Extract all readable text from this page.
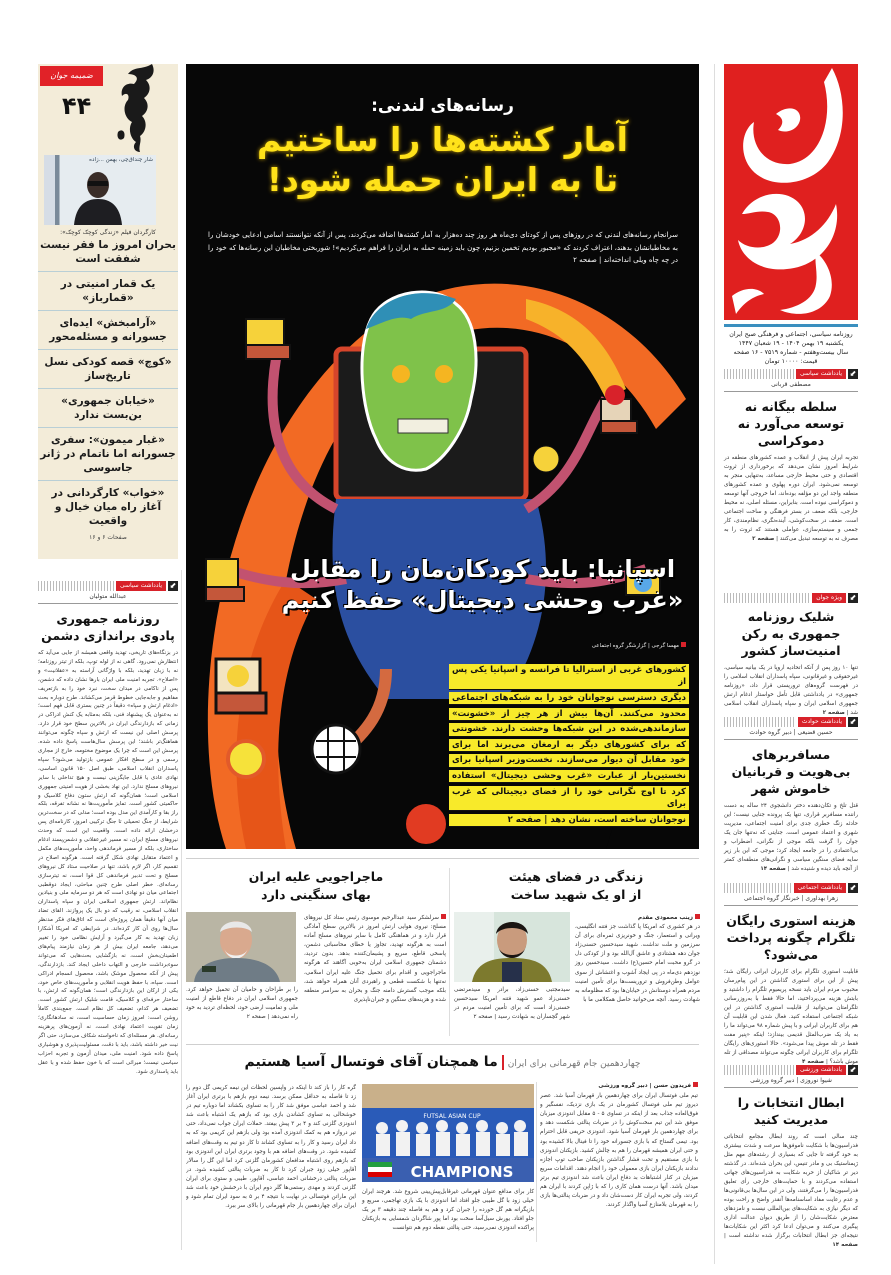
روزنامه سیاسی، اجتماعی و فرهنگی صبح ایران
یکشنبه ۱۹ بهمن ۱۴۰۴ - ۱۹ شعبان ۱۴۴۷
سال بیست‌وهفتم - شماره ۷۵۱۹ - ۱۶ صفحه
قیمت: ۱۰۰۰۰ تومان
⬋
یادداشت سیاسی
مصطفی قربانی
سلطه بیگانه نه توسعه می‌آورد نه دموکراسی
تجربه ایران پیش از انقلاب و عمده کشورهای منطقه در شرایط امروز نشان می‌دهد که برخورداری از ثروت اقتصادی و حتی محیط خارجی مساعد، به‌تنهایی منجر به توسعه نمی‌شود. ایران دوره پهلوی و عمده کشورهای منطقه واجد این دو مؤلفه بوده‌اند، اما خروجی آنها توسعه و دموکراسی نبوده است. بنابراین، مسئله اصلی، نه محیط خارجی، بلکه ضعف در بستر فرهنگی و ساخت اجتماعی است. ضعف در سخت‌کوشی، آینده‌نگری، نظام‌مندی، کار جمعی و سیستم‌سازی، عواملی هستند که ثروت را به مصرف نه به توسعه تبدیل می‌کنند | صفحه ۲
⬋
ویژه جوان
شلیک روزنامه جمهوری به رکن امنیت‌ساز کشور
تنها ۱۰ روز پس از آنکه اتحادیه اروپا در یک بیانیه سیاسی، غیرحقوقی و غیرقانونی، سپاه پاسداران انقلاب اسلامی را در فهرست گروه‌های تروریستی قرار داد، «روزنامه جمهوری» در یادداشتی قابل تأمل خواستار ادغام ارتش جمهوری اسلامی ایران و سپاه پاسداران انقلاب اسلامی شد | صفحه ۲
⬋
یادداشت حوادث
حسین قضیعی | دبیر گروه حوادث
مسافربرهای بی‌هویت و قربانیان خاموش شهر
قتل تلخ و تکان‌دهنده دختر دانشجوی ۲۴ ساله به دست راننده مسافربر قراری، تنها یک پرونده جنایی نیست؛ این حادثه زنگ خطری جدی برای امنیت اجتماعی، مدیریت شهری و اعتماد عمومی است. جنایتی که نه‌تنها جان یک جوان را گرفت بلکه موجی از نگرانی، اضطراب و بی‌اعتمادی را در جامعه ایجاد کرد؛ موجی که این بار زیر سایه فضای سنگین سیاسی و نگرانی‌های منطقه‌ای کمتر از آنچه باید دیده و شنیده شد | صفحه ۱۴
⬋
یادداشت اجتماعی
زهرا بهداوری | خبرنگار گروه اجتماعی
هزینه استوری رایگان تلگرام چگونه پرداخت می‌شود؟
قابلیت استوری تلگرام برای کاربران ایرانی رایگان شد؛ پیش از این برای استوری گذاشتن در این پیام‌رسان محبوب مردم ایران باید نسخه پریمیوم تلگرام را داشتید و بابتش هزینه می‌پرداختید، اما حالا فقط با به‌روزرسانی تلگرامتان می‌توانید از قابلیت استوری گذاشتن در این شبکه اجتماعی استفاده کنید. فعال شدن این قابلیت آن هم برای کاربران ایرانی و با پیش شماره ۹۸ می‌تواند ما را به یاد یک ضرب‌المثل قدیمی بیندازد؛ اینکه «پنیر مفت فقط در تله موش پیدا می‌شود». حالا استوری‌های رایگان تلگرام برای کاربران ایرانی چگونه می‌تواند مصداقی از تله موش باشد؟ | صفحه ۴
⬋
یادداشت ورزشی
شیوا نوروزی | دبیر گروه ورزشی
ابطال انتخابات را مدیریت کنید
چند سالی است که روند ابطال مجامع انتخاباتی فدراسیون‌ها با شکایت ناموفق‌ها سرعت و شدت بیشتری به خود گرفته تا جایی که بسیاری از رشته‌های مهم مثل ژیمناستیک بی و مادر تنیس، این بحران شده‌اند. در گذشته دیر تر شاکیان از حربه شکایت به فدراسیون‌های جهانی استفاده می‌کردند و با حمایت‌های خارجی رأی تعلیق فدراسیون‌ها را می‌گرفتند، ولی در این سال‌ها بی‌قانونی‌ها و عدم رعایت مفاد اساسنامه‌ها آنقدر واضح و راحت بوده که دیگر نیازی به شکایت‌های بین‌المللی نیست و نامزدهای معترض شکایت‌شان را از طریق دیوان عدالت اداری پیگیری می‌کنند و می‌توان ادعا کرد اکثر این شکایات‌ها نتیجه‌ای جز ابطال انتخابات برگزار شده نداشته است | صفحه ۱۴
ضمیمه جوان
۴۴
شار چنداق‌چی، بهمن ...زاده
کارگردان فیلم «زندگی کوچک کوچک»:
بحران امروز ما فقر نیست شفقت است
یک قمار امنیتی در «قمارباز»
«آرامبخش» ایده‌ای جسورانه و مسئله‌محور
«کوچ» قصه کودکی نسل تاریخ‌ساز
«خیابان جمهوری» بن‌بست ندارد
«غبار میمون»: سفری جسورانه اما ناتمام در ژانر جاسوسی
«خواب» کارگردانی در آغاز راه میان خیال و واقعیت
صفحات ۶ و ۱۶
⬋
یادداشت سیاسی
عبدالله متولیان
روزنامه جمهوری پادوی براندازی دشمن
در بزنگاه‌های تاریخی، تهدید واقعی همیشه از جایی می‌آید که انتظارش نمی‌رود. گاهی نه از لوله توپ، بلکه از تیتر روزنامه؛ نه با زبان تهدید، بلکه با واژگانی آراسته به «عقلانیت» و «اصلاح». تجربه امنیت ملی ایران بارها نشان داده که دشمن، پس از ناکامی در میدان سخت، نبرد خود را به بازتعریف مفاهیم و جابه‌جایی خطوط قرمز می‌کشاند. طرح دوباره بحث «ادغام ارتش و سپاه» دقیقاً در چنین بستری قابل فهم است؛ نه به‌عنوان یک پیشنهاد فنی، بلکه به‌مثابه یک کنش ادراکی در زمانی که بازدارندگی ایران در بالاترین سطح خود قرار دارد. پرسش اصلی این نیست که ارتش و سپاه چگونه می‌توانند هماهنگ‌تر باشند؛ این پرسش سال‌هاست پاسخ داده شده. پرسش این است که چرا یک موضوع مختومه، خارج از مجاری رسمی و در سطح افکار عمومی بازتولید می‌شود؟ سپاه پاسداران انقلاب اسلامی، طبق اصل ۱۵۰ قانون اساسی، نهادی عادی یا قابل جایگزینی نیست و هیچ تداخلی با سایر نیروهای مسلح ندارد. این نهاد بخشی از هویت امنیتی جمهوری اسلامی است؛ همان‌گونه که ارتش ستون دفاع کلاسیک و حاکمیتی کشور است. تمایز مأموریت‌ها نه نشانه تفرقه، بلکه راز بقا و کارآمدی این مدل بوده است؛ مدلی که در سخت‌ترین شرایط، از جنگ تحمیلی تا جنگ ترکیبی امروز، کارنامه‌ای پس درخشان ارائه داده است. واقعیت این است که وحدت نیروهای مسلح ایران، نه مسیر غیرعقلانی و دشمن‌پسند ادغام ساختاری، بلکه از مسیر فرماندهی واحد، مأموریت‌های مکمل و اعتماد متقابل نهادی شکل گرفته است. هرگونه اصلاح در تقسیم کار، اگر لازم باشد، تنها در صلاحیت ستاد کل نیروهای مسلح و تحت تدبیر فرماندهی کل قوا است، نه تیترسازی رسانه‌ای. خطر اصلی طرح چنین مباحثی، ایجاد دوقطبی اجتماعی میان دو نهادی است که هر دو سرمایه ملی و بنیادین نظام‌اند. ارتش جمهوری اسلامی ایران و سپاه پاسداران انقلاب اسلامی، نه رقیب که دو بال یک پرواز‌ند. القای تضاد میان آنها دقیقاً همان پروژه‌ای است که اتاق‌های فکر مدنظر سال‌ها روی آن کار کرده‌اند. در شرایطی که امریکا آشکارا زبان تهدید به کار می‌گیرد و آرایش نظامی خود را تغییر می‌دهد، جامعه ایران بیش از هر زمان نیازمند پیام‌های اطمینان‌بخش است، نه بازگشایی بحث‌هایی که می‌تواند سوءبرداشت خارجی و التهاب داخلی ایجاد کند. بازدارندگی، پیش از آنکه محصول موشک باشد، محصول انسجام ادراکی است. سپاه، با حفظ هویت انقلابی و مأموریت‌های خاص خود، یکی از ارکان این بازدارندگی است؛ همان‌گونه که ارتش، با ساختار حرفه‌ای و کلاسیک، قامت شلیک ارتش کشور است. تضعیف هر کدام، تضعیف کل نظام است. جمع‌بندی کاملاً روشن است: امروز زمان حساسیت است، نه سادهانگاری؛ زمان تقویت اعتماد نهادی است، نه آزمون‌های پرهزینه رسانه‌ای. هر مسئله‌ای که ناخواسته شکاف می‌سازد، حتی اگر نیت خیر داشته باشد، باید با دقت، مسئولیت‌پذیری و هوشیاری پاسخ داده شود. امنیت ملی، میدان آزمون و تجربه احزاب سیاسی نیست؛ میراثی است که با خون حفظ شده و با عقل باید پاسداری شود.
رسانه‌های لندنی:
آمار کشته‌ها را ساختیم
تا به ایران حمله شود!
سرانجام رسانه‌های لندنی که در روزهای پس از کودتای دی‌ماه هر روز چند ده‌هزار به آمار کشته‌ها اضافه می‌کردند، پس از آنکه نتوانستند اسامی ادعایی خودشان را به مخاطبانشان بدهند، اعتراف کردند که «مجبور بودیم تخمین بزنیم، چون باید زمینه حمله به ایران را فراهم می‌کردیم»! شوربختی مخاطبان این رسانه‌ها که خود را در چه چاه ویلی انداخته‌اند | صفحه ۲
اسپانیا: باید کودکان‌مان را مقابل
«غرب وحشی دیجیتال» حفظ کنیم
مهسا گرجی | گزارشگر گروه اجتماعی
کشورهای غربی از استرالیا تا فرانسه و اسپانیا یکی پس از
دیگری دسترسی نوجوانان خود را به شبکه‌های اجتماعی
محدود می‌کنند. آن‌ها بیش از هر چیز از «خشونت»
سازماندهی‌شده در این شبکه‌ها وحشت دارند. خشونتی
که برای کشورهای دیگر به ارمغان می‌برند اما برای
خود مقابل آن دیوار می‌سازند. نخست‌وزیر اسپانیا برای
نخستین‌بار از عبارت «غرب وحشی دیجیتال» استفاده
کرد تا اوج نگرانی خود را از فضای دیجیتالی که غرب برای
نوجوانان ساخته است، نشان دهد | صفحه ۲
ماجراجویی علیه ایران بهای سنگینی دارد
سرلشکر سید عبدالرحیم موسوی رئیس ستاد کل نیروهای مسلح: نیروی هوایی ارتش امروز در بالاترین سطح آمادگی قرار دارد و در هماهنگی کامل با سایر نیروهای مسلح آماده است به هرگونه تهدید، تجاوز یا خطای محاسباتی دشمن، پاسخی قاطع، سریع و پشیمان‌کننده بدهد. بدون تردید، دشمنان جمهوری اسلامی ایران به‌خوبی آگاهند که هرگونه ماجراجویی و اقدام برای تحمیل جنگ علیه ایران اسلامی، نه‌تنها با شکست قطعی و راهبردی آنان همراه خواهد شد، بلکه موجب گسترش دامنه جنگ و بحران به سراسر منطقه شده و هزینه‌های سنگین و جبران‌ناپذیری
را بر طراحان و حامیان آن تحمیل خواهد کرد. جمهوری اسلامی ایران در دفاع قاطع از امنیت ملی و تمامیت ارضی خود، لحظه‌ای تردید به خود راه نمی‌دهد | صفحه ۲
زندگی در فضای هیئت از او یک شهید ساخت
زینب محمودی مقدم
در هر کشوری که امریکا پا گذاشت جز فتنه انگلیسی، ویرانی و استعمار، جنگ و خونریزی ثمره‌ای برای آن سرزمین و ملت نداشت. شهید سیدحسین حسنی‌زاد جوان دهه هشتادی و عاشق آل‌الله بود و از کودکی دل در گرو محبت امام حسین(ع) داشت. سیدحسین روز نوزدهم دی‌ماه در پی ایجاد آشوب و اغتشاش از سوی عوامل وطن‌فروش و تروریست‌ها برای تأمین امنیت مردم همراه دوستانش در خیابان‌ها بود که مظلومانه به شهادت رسید. آنچه می‌خوانید حاصل همکلامی ما با
سیدمجتبی حسنی‌زاد، برادر و سیدمرتضی حسنی‌زاد عمو شهید فتنه امریکا سیدحسین حسنی‌زاد است که برای تأمین امنیت مردم در شهر گچساران به شهادت رسید | صفحه ۲
چهاردهمین جام قهرمانی برای ایرانما همچنان آقای فوتسال آسیا هستیم
فریدون حسن | دبیر گروه ورزشی
تیم ملی فوتسال ایران برای چهاردهمین بار قهرمان آسیا شد. عصر دیروز تیم ملی فوتسال کشورمان در یک بازی نزدیک، نفسگیر و فوق‌العاده جذاب بعد از اینکه در تساوی ۵ - ۵ مقابل اندونزی میزبان موفق شد این تیم سخت‌کوش را در ضربات پنالتی شکست دهد و برای چهاردهمین بار قهرمان آسیا شود. اندونزی حریفی قابل احترام بود. تیمی گستاخ که با بازی جسورانه خود را تا فینال بالا کشیده بود و حتی ایران همیشه قهرمان را هم به چالش کشید. بازیکنان اندونزی با بازی مستقیم و تحت فشار گذاشتن بازیکنان صاحب توپ اجازه ندادند بازیکنان ایران بازی معمولی خود را انجام دهند. اقدامات سریع میزبان در کنار اشتباهات بد دفاع ایران باعث شد اندونزی تیم برتر میدان باشد. آنها درست همان کاری را که با ژاپن کردند با ایران هم کردند، ولی تجربه ایران کار دست‌شان داد و در ضربات پنالتی‌ها بازی را به قهرمان بلامنازع آسیا واگذار کردند.
FUTSAL ASIAN CUP
CHAMPIONS
کار برای مدافع عنوان قهرمانی غیرقابل‌پیش‌بینی شروع شد. هرچند ایران خیلی زود با گل طیبی جلو افتاد اما اندونزی با یک بازی تهاجمی، سریع و بازیگرانه هم گل خورده را جبران کرد و هم به فاصله چند دقیقه ۳ بر یک جلو افتاد. یورش سیل‌آسا سخت بود اما پور شاگردان شمسایی به بازیکنان پراکنده اندونزی نمی‌رسید، حتی پنالتی نقطه دوم هم نتوانست
گره کار را باز کند تا اینکه در واپسین لحظات این نیمه کریمی گل دوم را زد تا فاصله به حداقل ممکن برسد. نیمه دوم بازهم با برتری ایران آغاز شد و احمد عباسی موفق شد کار را به تساوی بکشاند اما دوباره تیم در خوشحالی به تساوی کشاندن بازی بود که بازهم یک اشتباه باعث شد اندونزی گلزنی کند و ۴ بر ۳ پیش بیفتد. حملات ایران جواب نمی‌داد، حتی تیر دروازه هم به کمک اندونزی آمده بود ولی بازهم این کریمی بود که به داد ایران رسید و کار را به تساوی کشاند تا کار دو تیم به وقت‌های اضافه کشیده شود. در وقت‌های اضافه هم با وجود برتری ایران این اندونزی بود که بازهم روی اشتباه مدافعان کشورمان گلزنی کرد اما این گل را سالار آقاپور خیلی زود جبران کرد تا کار به ضربات پنالتی کشیده شود. در ضربات پنالتی درخشانی احمد عباسی، آقاپور، طیبی و ستوی برای ایران گلزنی کردند و مهدی رستمی‌ها گلر دوم ایران با درخشش خود باعث شد این ماراتن فوتسالی در نهایت با نتیجه ۴ بر ۵ به سود ایران تمام شود و ایران برای چهاردهمین بار جام قهرمانی را بالای سر ببرد.
